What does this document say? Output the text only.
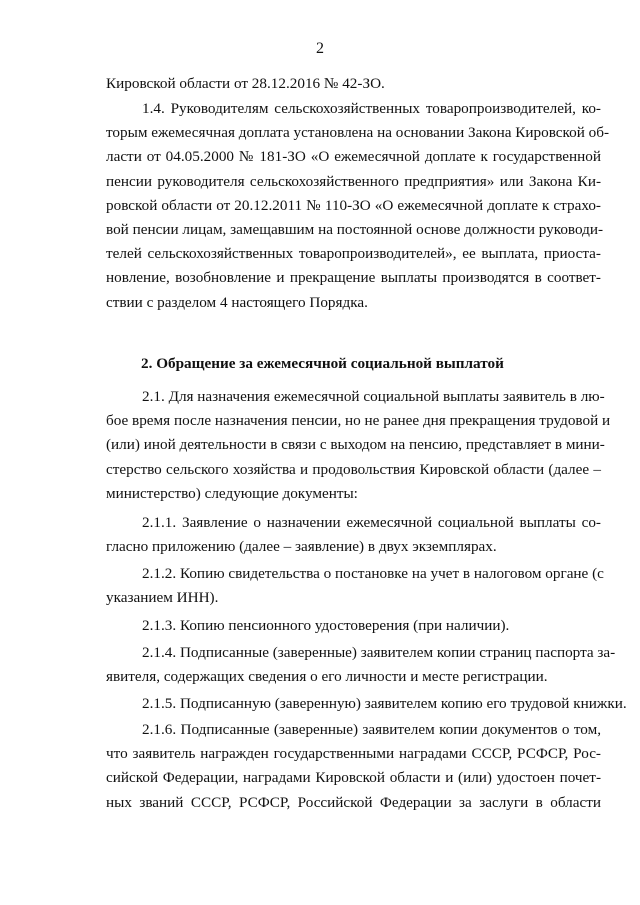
2
Кировской области от 28.12.2016 № 42-ЗО.
1.4. Руководителям сельскохозяйственных товаропроизводителей, ко-
торым ежемесячная доплата установлена на основании Закона Кировской об-
ласти от 04.05.2000 № 181-ЗО «О ежемесячной доплате к государственной
пенсии руководителя сельскохозяйственного предприятия» или Закона Ки-
ровской области от 20.12.2011 № 110-ЗО «О ежемесячной доплате к страхо-
вой пенсии лицам, замещавшим на постоянной основе должности руководи-
телей сельскохозяйственных товаропроизводителей», ее выплата, приоста-
новление, возобновление и прекращение выплаты производятся в соответ-
ствии с разделом 4 настоящего Порядка.
2. Обращение за ежемесячной социальной выплатой
2.1. Для назначения ежемесячной социальной выплаты заявитель в лю-
бое время после назначения пенсии, но не ранее дня прекращения трудовой и
(или) иной деятельности в связи с выходом на пенсию, представляет в мини-
стерство сельского хозяйства и продовольствия Кировской области (далее –
министерство) следующие документы:
2.1.1. Заявление о назначении ежемесячной социальной выплаты со-
гласно приложению (далее – заявление) в двух экземплярах.
2.1.2. Копию свидетельства о постановке на учет в налоговом органе (с
указанием ИНН).
2.1.3. Копию пенсионного удостоверения (при наличии).
2.1.4. Подписанные (заверенные) заявителем копии страниц паспорта за-
явителя, содержащих сведения о его личности и месте регистрации.
2.1.5. Подписанную (заверенную) заявителем копию его трудовой книжки.
2.1.6. Подписанные (заверенные) заявителем копии документов о том,
что заявитель награжден государственными наградами СССР, РСФСР, Рос-
сийской Федерации, наградами Кировской области и (или) удостоен почет-
ных званий СССР, РСФСР, Российской Федерации за заслуги в области
